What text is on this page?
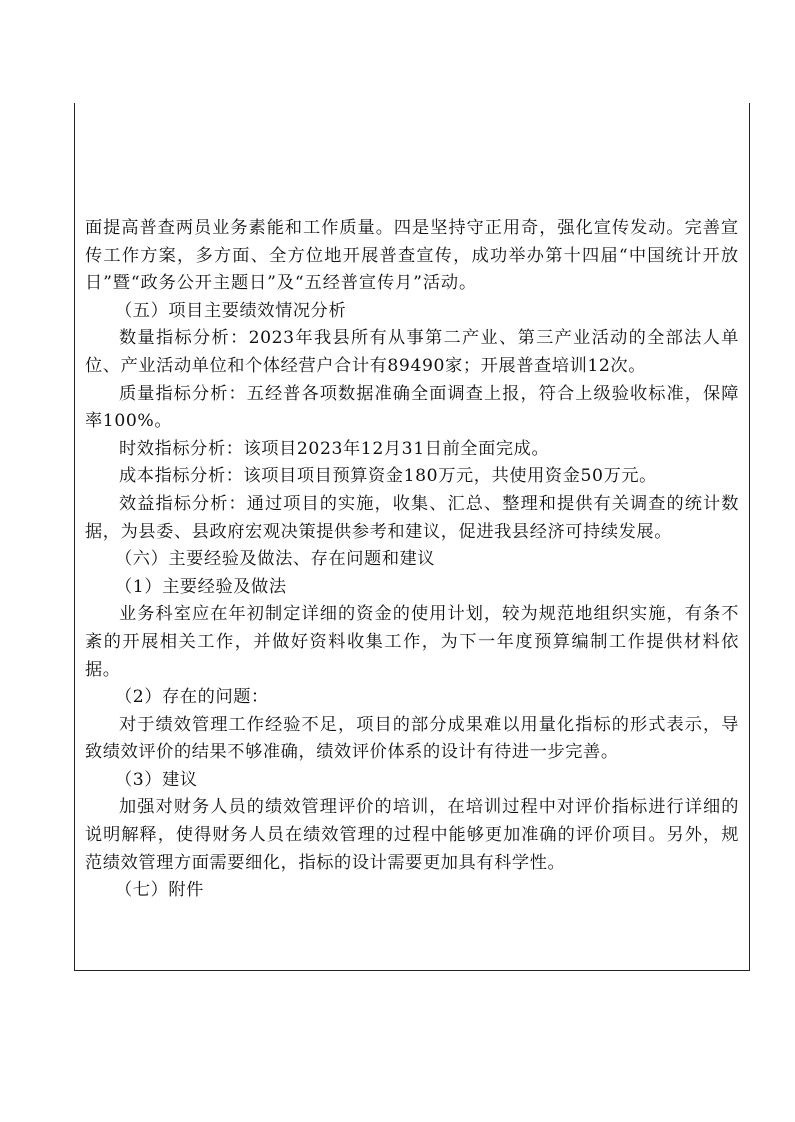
面提高普查两员业务素能和工作质量。四是坚持守正用奇，强化宣传发动。完善宣传工作方案，多方面、全方位地开展普查宣传，成功举办第十四届“中国统计开放日”暨“政务公开主题日”及“五经普宣传月”活动。

（五）项目主要绩效情况分析

数量指标分析：2023年我县所有从事第二产业、第三产业活动的全部法人单位、产业活动单位和个体经营户合计有89490家；开展普查培训12次。

质量指标分析：五经普各项数据准确全面调查上报，符合上级验收标准，保障率100%。

时效指标分析：该项目2023年12月31日前全面完成。

成本指标分析：该项目项目预算资金180万元，共使用资金50万元。

效益指标分析：通过项目的实施，收集、汇总、整理和提供有关调查的统计数据，为县委、县政府宏观决策提供参考和建议，促进我县经济可持续发展。

（六）主要经验及做法、存在问题和建议

（1）主要经验及做法

业务科室应在年初制定详细的资金的使用计划，较为规范地组织实施，有条不紊的开展相关工作，并做好资料收集工作，为下一年度预算编制工作提供材料依据。

（2）存在的问题：

对于绩效管理工作经验不足，项目的部分成果难以用量化指标的形式表示，导致绩效评价的结果不够准确，绩效评价体系的设计有待进一步完善。

（3）建议

加强对财务人员的绩效管理评价的培训，在培训过程中对评价指标进行详细的说明解释，使得财务人员在绩效管理的过程中能够更加准确的评价项目。另外，规范绩效管理方面需要细化，指标的设计需要更加具有科学性。

（七）附件
